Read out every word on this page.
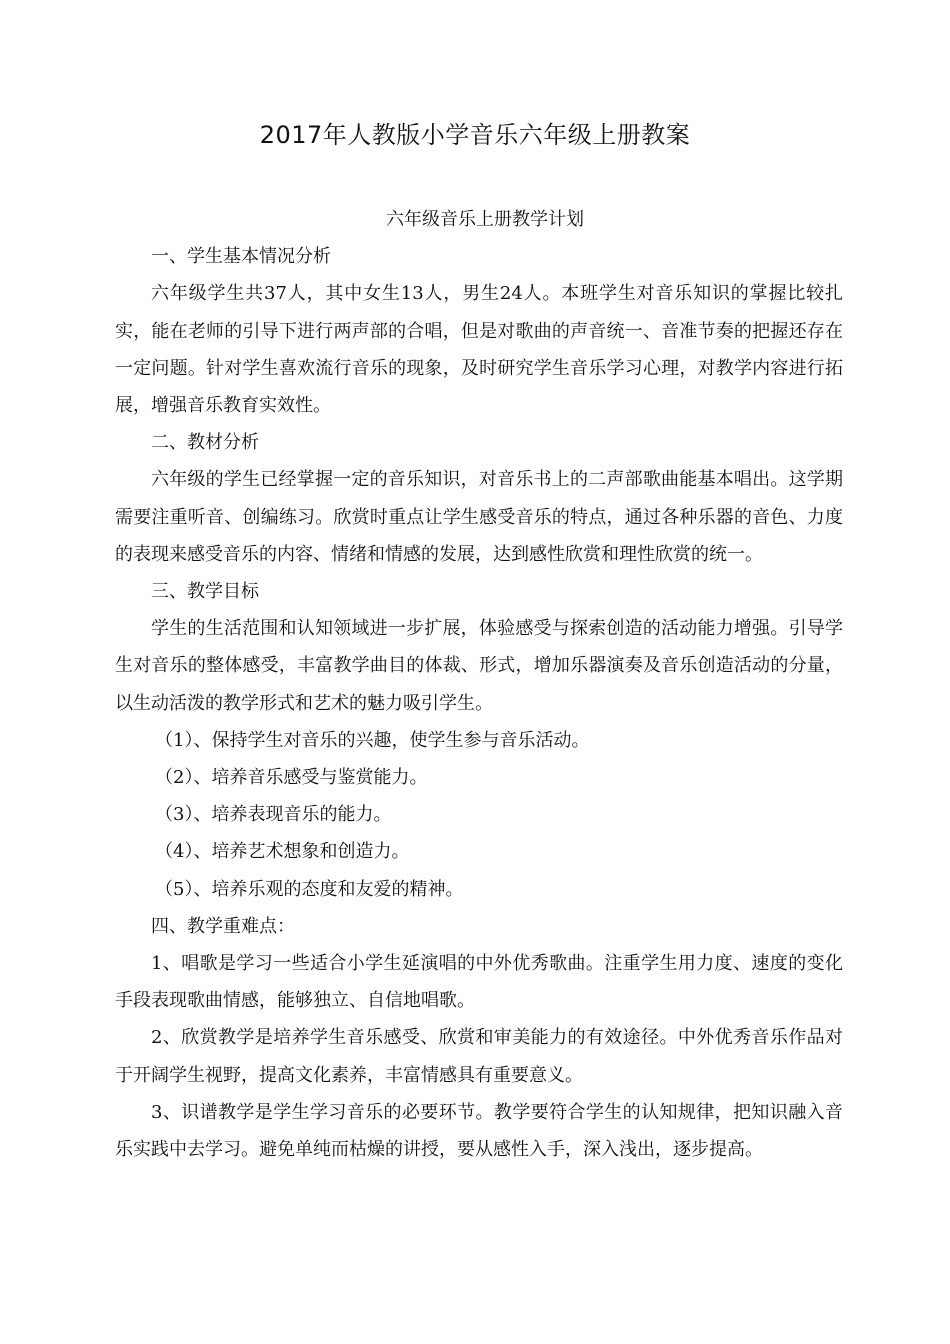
2017年人教版小学音乐六年级上册教案

六年级音乐上册教学计划

一、学生基本情况分析

六年级学生共37人，其中女生13人，男生24人。本班学生对音乐知识的掌握比较扎实，能在老师的引导下进行两声部的合唱，但是对歌曲的声音统一、音准节奏的把握还存在一定问题。针对学生喜欢流行音乐的现象，及时研究学生音乐学习心理，对教学内容进行拓展，增强音乐教育实效性。

二、教材分析

六年级的学生已经掌握一定的音乐知识，对音乐书上的二声部歌曲能基本唱出。这学期需要注重听音、创编练习。欣赏时重点让学生感受音乐的特点，通过各种乐器的音色、力度的表现来感受音乐的内容、情绪和情感的发展，达到感性欣赏和理性欣赏的统一。

三、教学目标

学生的生活范围和认知领域进一步扩展，体验感受与探索创造的活动能力增强。引导学生对音乐的整体感受，丰富教学曲目的体裁、形式，增加乐器演奏及音乐创造活动的分量，以生动活泼的教学形式和艺术的魅力吸引学生。

（1）、保持学生对音乐的兴趣，使学生参与音乐活动。

（2）、培养音乐感受与鉴赏能力。

（3）、培养表现音乐的能力。

（4）、培养艺术想象和创造力。

（5）、培养乐观的态度和友爱的精神。

四、教学重难点：

1、唱歌是学习一些适合小学生延演唱的中外优秀歌曲。注重学生用力度、速度的变化手段表现歌曲情感，能够独立、自信地唱歌。

2、欣赏教学是培养学生音乐感受、欣赏和审美能力的有效途径。中外优秀音乐作品对于开阔学生视野，提高文化素养，丰富情感具有重要意义。

3、识谱教学是学生学习音乐的必要环节。教学要符合学生的认知规律，把知识融入音乐实践中去学习。避免单纯而枯燥的讲授，要从感性入手，深入浅出，逐步提高。
